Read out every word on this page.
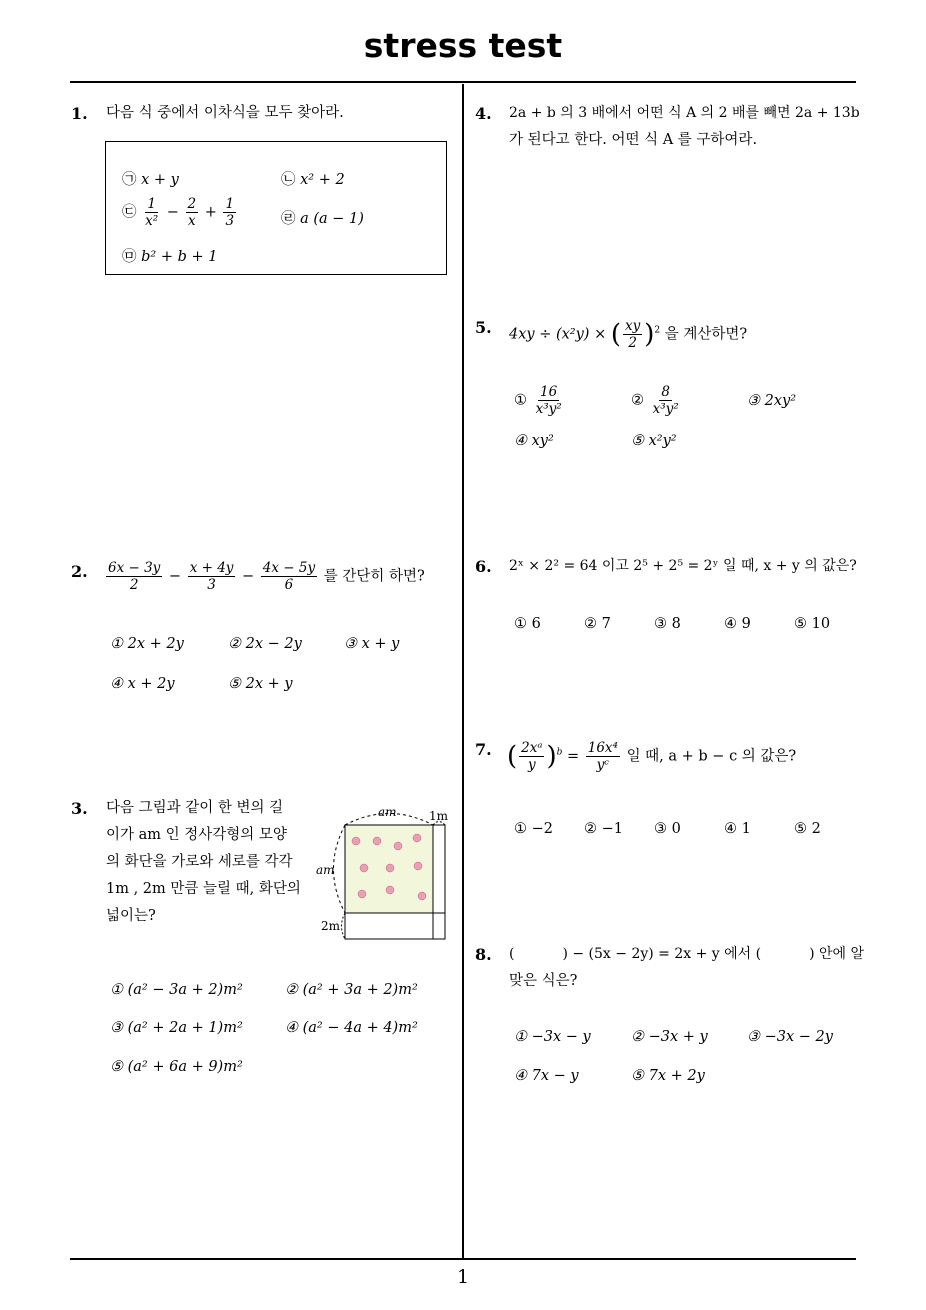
stress test
1
1. 다음 식 중에서 이차식을 모두 찾아라.
㉠ x + y	㉡ x² + 2
㉢ $\frac{1}{\text{x²}} - \frac{2}{x} + \frac{1}{3}$	㉣ a (a − 1)
㉤ b² + b + 1
2. $\frac{6x - 3y}{2} - \frac{x + 4y}{3} - \frac{4x - 5y}{6}$ 를 간단히 하면?
① 2x + 2y	② 2x − 2y	③ x + y
④ x + 2y	⑤ 2x + y
3. 다음 그림과 같이 한 변의 길
이가 am 인 정사각형의 모양
의 화단을 가로와 세로를 각각
1m , 2m 만큼 늘릴 때, 화단의
넓이는?
am
am
1m
2m
① (a² − 3a + 2)m²	② (a² + 3a + 2)m²
③ (a² + 2a + 1)m²	④ (a² − 4a + 4)m²
⑤ (a² + 6a + 9)m²
4. 2a + b 의 3 배에서 어떤 식 A 의 2 배를 빼면 2a + 13b
가 된다고 한다. 어떤 식 A 를 구하여라.
5. 4xy ÷ (x²y) × ( $\frac{xy}{2} )^2$ 을 계산하면?
① $\frac{16}{\text{x³y²}}$	② $\frac{8}{\text{x³y²}}$	③ 2xy²
④ xy²	⑤ x²y²
6. 2ˣ × 2² = 64 이고 2⁵ + 2⁵ = 2ʸ 일 때, x + y 의 값은?
① 6	② 7	③ 8	④ 9	⑤ 10
7. ( $\frac{\text{2xᵃ}}{y} )^b = \frac{\text{16x⁴}}{\text{yᶜ}}$ 일 때, a + b − c 의 값은?
① −2 ② −1 ③ 0	④ 1	⑤ 2
8. (	) − (5x − 2y) = 2x + y 에서 (	) 안에 알
맞은 식은?
① −3x − y	② −3x + y	③ −3x − 2y
④ 7x − y	⑤ 7x + 2y
